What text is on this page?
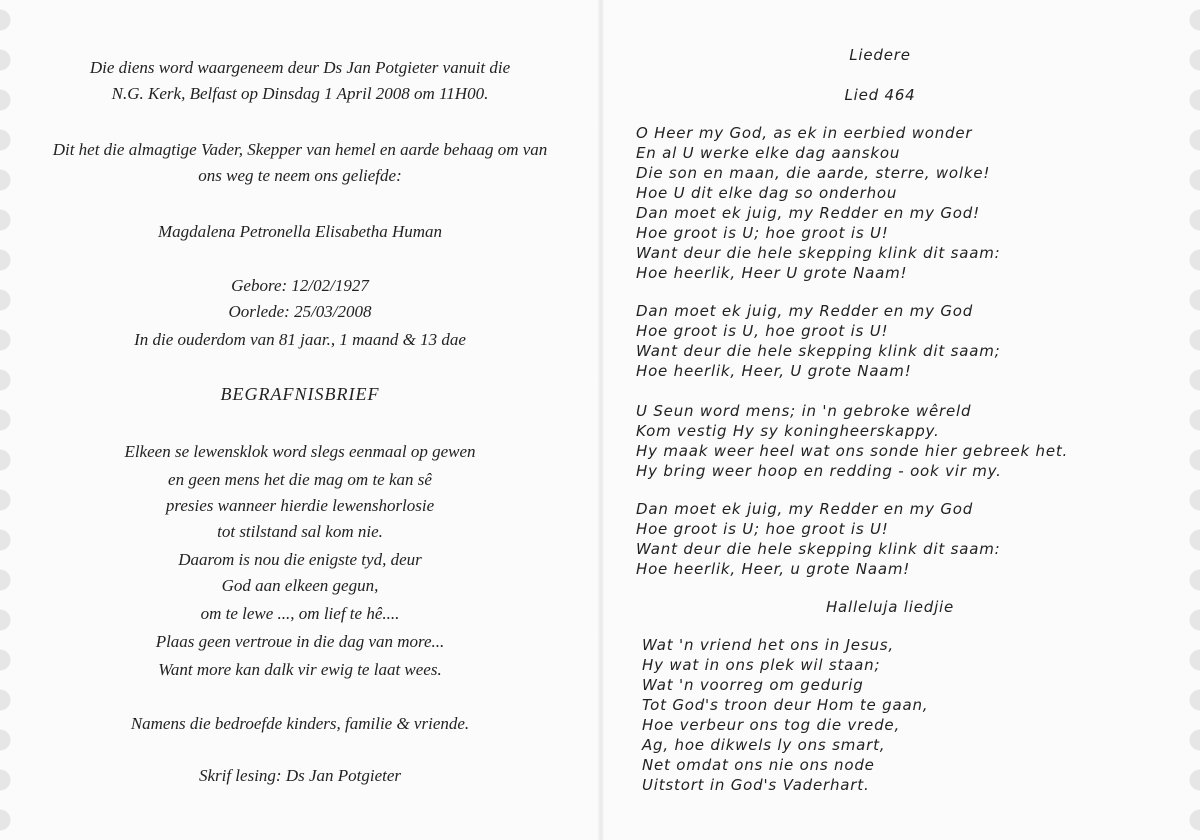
Die diens word waargeneem deur Ds Jan Potgieter vanuit die
N.G. Kerk, Belfast op Dinsdag 1 April 2008 om 11H00.
Dit het die almagtige Vader, Skepper van hemel en aarde behaag om van
ons weg te neem ons geliefde:
Magdalena Petronella Elisabetha Human
Gebore: 12/02/1927
Oorlede: 25/03/2008
In die ouderdom van 81 jaar., 1 maand & 13 dae
BEGRAFNISBRIEF
Elkeen se lewensklok word slegs eenmaal op gewen
en geen mens het die mag om te kan sê
presies wanneer hierdie lewenshorlosie
tot stilstand sal kom nie.
Daarom is nou die enigste tyd, deur
God aan elkeen gegun,
om te lewe ..., om lief te hê....
Plaas geen vertroue in die dag van more...
Want more kan dalk vir ewig te laat wees.
Namens die bedroefde kinders, familie & vriende.
Skrif lesing: Ds Jan Potgieter
Liedere
Lied 464
O Heer my God, as ek in eerbied wonder
En al U werke elke dag aanskou
Die son en maan, die aarde, sterre, wolke!
Hoe U dit elke dag so onderhou
Dan moet ek juig, my Redder en my God!
Hoe groot is U; hoe groot is U!
Want deur die hele skepping klink dit saam:
Hoe heerlik, Heer U grote Naam!
Dan moet ek juig, my Redder en my God
Hoe groot is U, hoe groot is U!
Want deur die hele skepping klink dit saam;
Hoe heerlik, Heer, U grote Naam!
U Seun word mens; in 'n gebroke wêreld
Kom vestig Hy sy koningheerskappy.
Hy maak weer heel wat ons sonde hier gebreek het.
Hy bring weer hoop en redding - ook vir my.
Dan moet ek juig, my Redder en my God
Hoe groot is U; hoe groot is U!
Want deur die hele skepping klink dit saam:
Hoe heerlik, Heer, u grote Naam!
Halleluja liedjie
Wat 'n vriend het ons in Jesus,
Hy wat in ons plek wil staan;
Wat 'n voorreg om gedurig
Tot God's troon deur Hom te gaan,
Hoe verbeur ons tog die vrede,
Ag, hoe dikwels ly ons smart,
Net omdat ons nie ons node
Uitstort in God's Vaderhart.
